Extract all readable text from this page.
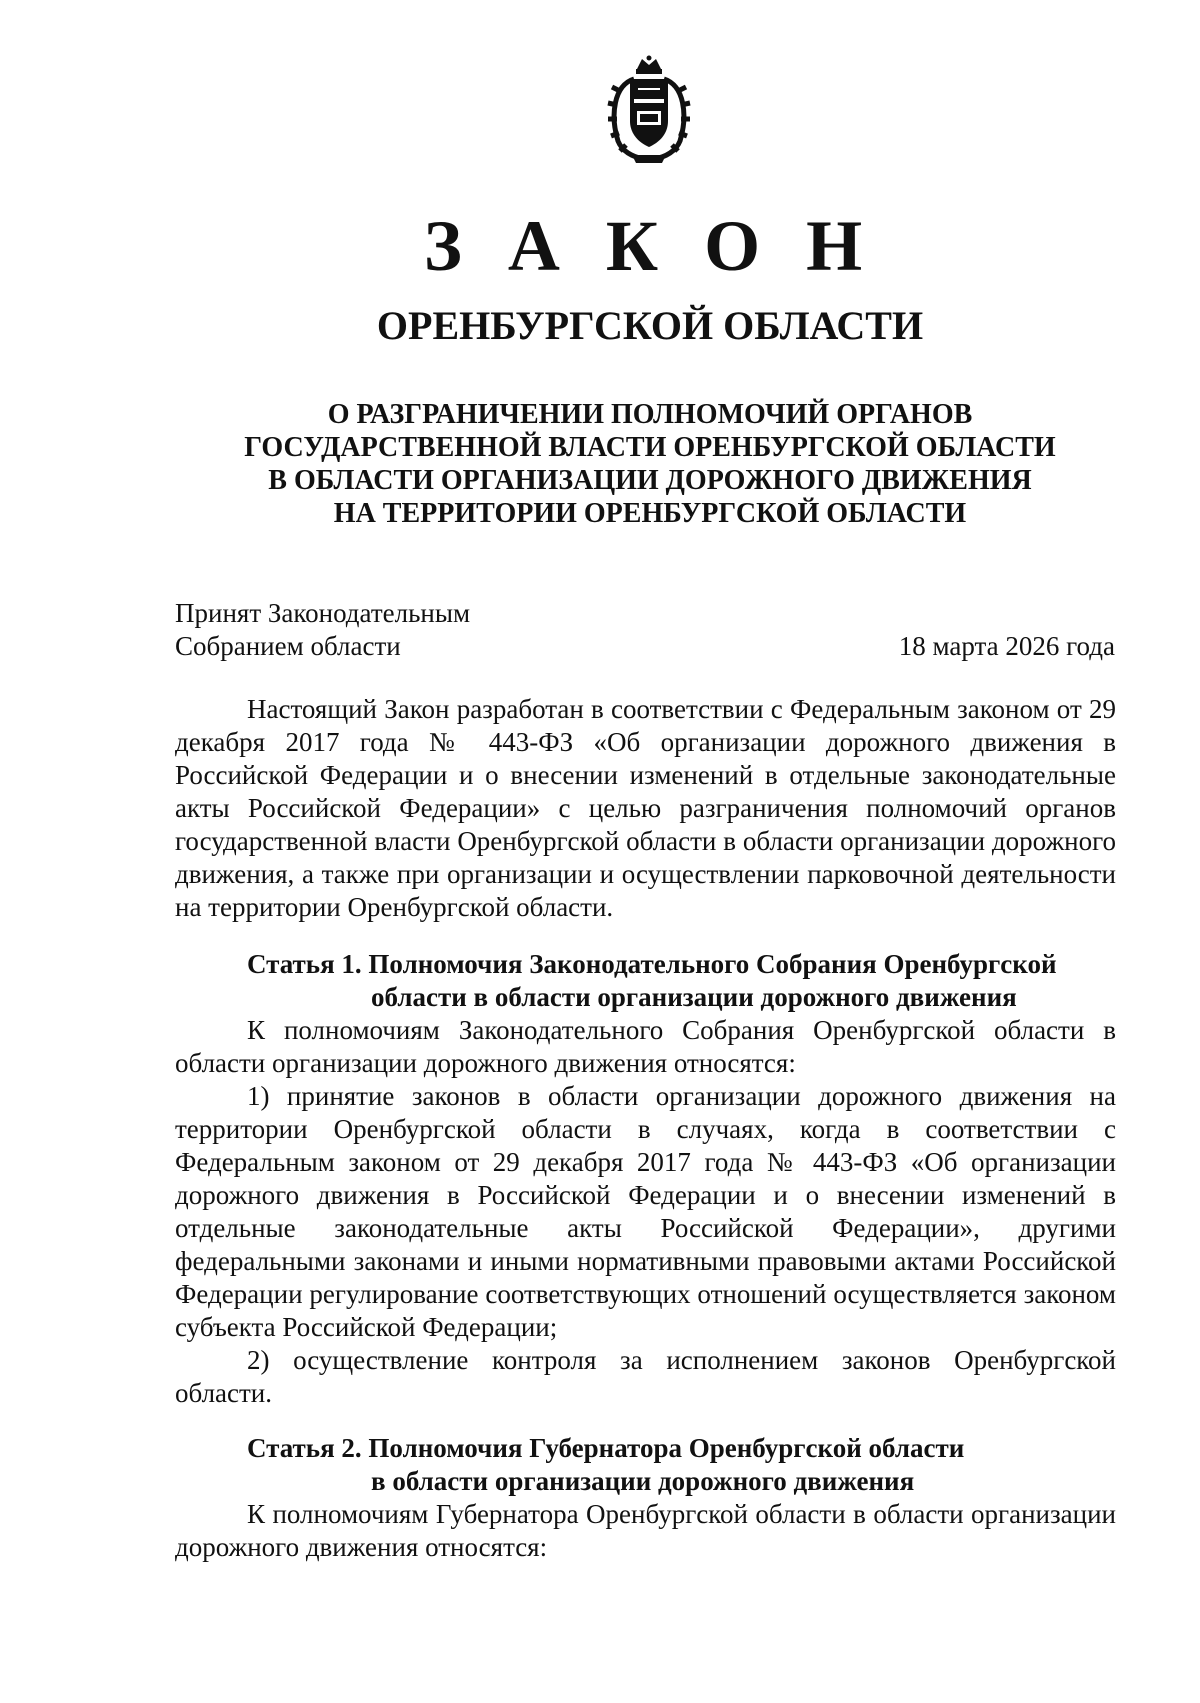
З А К О Н
ОРЕНБУРГСКОЙ ОБЛАСТИ
О РАЗГРАНИЧЕНИИ ПОЛНОМОЧИЙ ОРГАНОВ
ГОСУДАРСТВЕННОЙ ВЛАСТИ ОРЕНБУРГСКОЙ ОБЛАСТИ
В ОБЛАСТИ ОРГАНИЗАЦИИ ДОРОЖНОГО ДВИЖЕНИЯ
НА ТЕРРИТОРИИ ОРЕНБУРГСКОЙ ОБЛАСТИ
Принят Законодательным
Собранием области	18 марта 2026 года

Настоящий Закон разработан в соответствии с Федеральным законом от 29 декабря 2017 года № 443-ФЗ «Об организации дорожного движения в Российской Федерации и о внесении изменений в отдельные законодательные акты Российской Федерации» с целью разграничения полномочий органов государственной власти Оренбургской области в области организации дорожного движения, а также при организации и осуществлении парковочной деятельности на территории Оренбургской области.

Статья 1. Полномочия Законодательного Собрания Оренбургской
области в области организации дорожного движения

К полномочиям Законодательного Собрания Оренбургской области в области организации дорожного движения относятся:

1) принятие законов в области организации дорожного движения на территории Оренбургской области в случаях, когда в соответствии с Федеральным законом от 29 декабря 2017 года № 443-ФЗ «Об организации дорожного движения в Российской Федерации и о внесении изменений в отдельные законодательные акты Российской Федерации», другими федеральными законами и иными нормативными правовыми актами Российской Федерации регулирование соответствующих отношений осуществляется законом субъекта Российской Федерации;

2) осуществление контроля за исполнением законов Оренбургской области.

Статья 2. Полномочия Губернатора Оренбургской области
в области организации дорожного движения

К полномочиям Губернатора Оренбургской области в области организации дорожного движения относятся:
